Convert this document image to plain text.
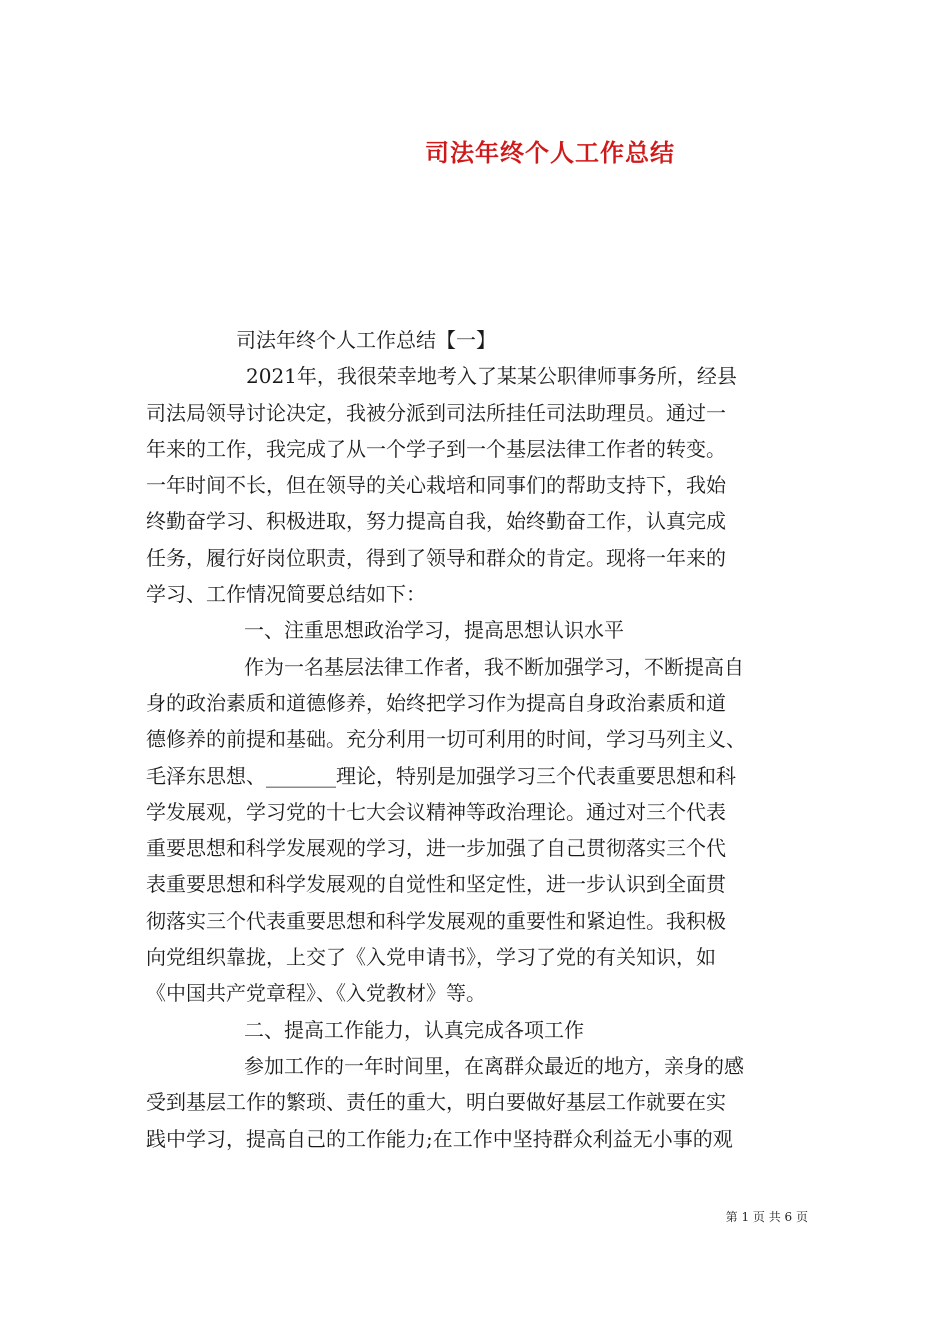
司法年终个人工作总结
司法年终个人工作总结【一】
2021年，我很荣幸地考入了某某公职律师事务所，经县
司法局领导讨论决定，我被分派到司法所挂任司法助理员。通过一
年来的工作，我完成了从一个学子到一个基层法律工作者的转变。
一年时间不长，但在领导的关心栽培和同事们的帮助支持下，我始
终勤奋学习、积极进取，努力提高自我，始终勤奋工作，认真完成
任务，履行好岗位职责，得到了领导和群众的肯定。现将一年来的
学习、工作情况简要总结如下：
一、注重思想政治学习，提高思想认识水平
作为一名基层法律工作者，我不断加强学习，不断提高自
身的政治素质和道德修养，始终把学习作为提高自身政治素质和道
德修养的前提和基础。充分利用一切可利用的时间，学习马列主义、
毛泽东思想、_______理论，特别是加强学习三个代表重要思想和科
学发展观，学习党的十七大会议精神等政治理论。通过对三个代表
重要思想和科学发展观的学习，进一步加强了自己贯彻落实三个代
表重要思想和科学发展观的自觉性和坚定性，进一步认识到全面贯
彻落实三个代表重要思想和科学发展观的重要性和紧迫性。我积极
向党组织靠拢，上交了《入党申请书》，学习了党的有关知识，如
《中国共产党章程》、《入党教材》等。
二、提高工作能力，认真完成各项工作
参加工作的一年时间里，在离群众最近的地方，亲身的感
受到基层工作的繁琐、责任的重大，明白要做好基层工作就要在实
践中学习，提高自己的工作能力;在工作中坚持群众利益无小事的观
第 1 页 共 6 页
